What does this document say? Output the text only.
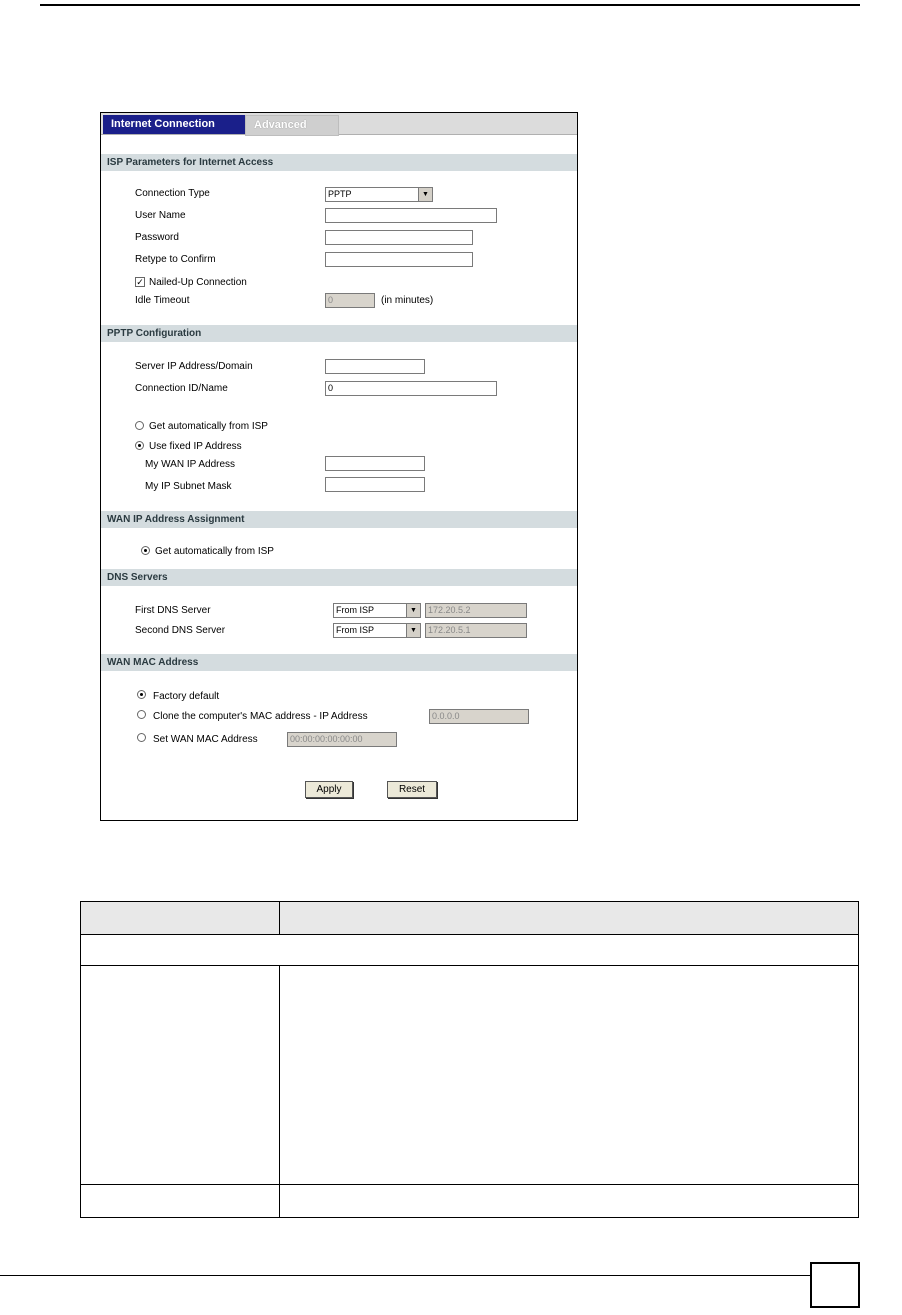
Internet Connection	Advanced
ISP Parameters for Internet Access
Connection Type	PPTP	▼
User Name
Password
Retype to Confirm
✓ Nailed-Up Connection
Idle Timeout	0	(in minutes)
PPTP Configuration
Server IP Address/Domain
Connection ID/Name	0
Get automatically from ISP
Use fixed IP Address
My WAN IP Address
My IP Subnet Mask
WAN IP Address Assignment
Get automatically from ISP
DNS Servers
First DNS Server	From ISP	▼	172.20.5.2
Second DNS Server	From ISP	▼	172.20.5.1
WAN MAC Address
Factory default
Clone the computer's MAC address - IP Address	0.0.0.0
Set WAN MAC Address	00:00:00:00:00:00
Apply	Reset
